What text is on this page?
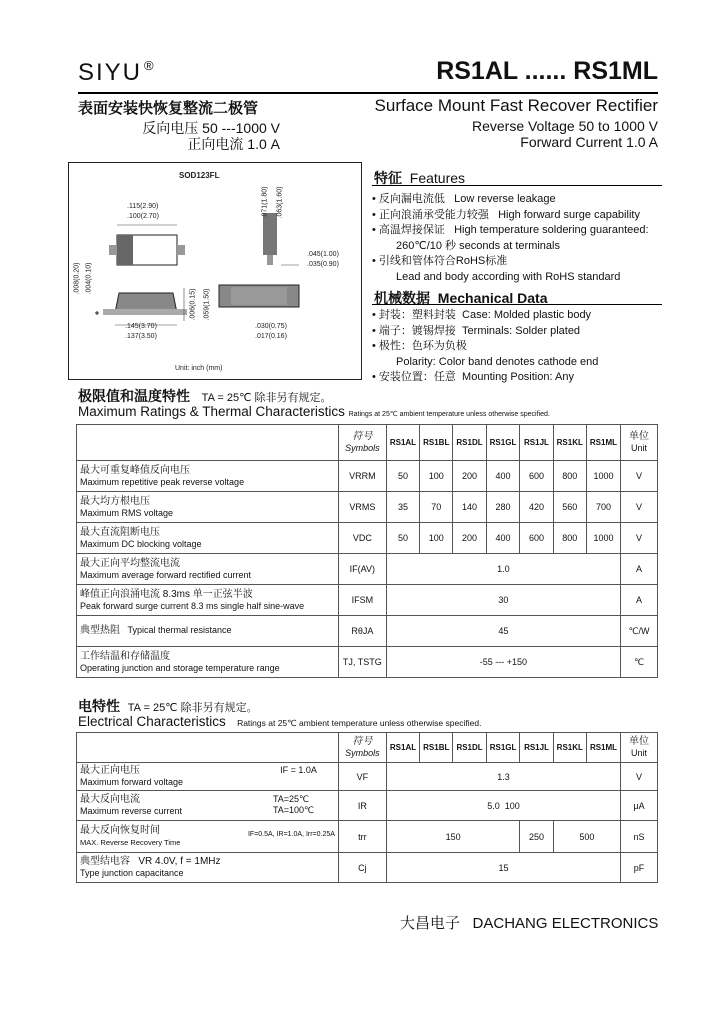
SIYU ®	RS1AL ...... RS1ML
表面安装快恢复整流二极管	Surface Mount Fast Recover Rectifier
反向电压 50 ---1000 V
正向电流 1.0 A
Reverse Voltage 50 to 1000 V
Forward Current 1.0 A
SOD123FL
.115(2.90)
.100(2.70)	.071(1.80) .063(1.60)
.045(1.00)
.035(0.90)
.008(0.20) .004(0.10)
.145(3.70)
.137(3.50)
.030(0.75)
.017(0.16)
.006(0.15) .059(1.50)
Unit: inch (mm)
特征 Features
• 反向漏电流低 Low reverse leakage
• 正向浪涌承受能力较强 High forward surge capability
• 高温焊接保证 High temperature soldering guaranteed:
260℃/10 秒 seconds at terminals
• 引线和管体符合RoHS标准
Lead and body according with RoHS standard
机械数据 Mechanical Data
• 封装：塑料封装 Case: Molded plastic body
• 端子：镀锡焊接 Terminals: Solder plated
• 极性：色环为负极
Polarity: Color band denotes cathode end
• 安装位置：任意 Mounting Position: Any
极限值和温度特性 TA = 25℃ 除非另有规定。
Maximum Ratings & Thermal Characteristics Ratings at 25℃ ambient temperature unless otherwise specified.

	符号
Symbols	RS1AL	RS1BL	RS1DL	RS1GL	RS1JL	RS1KL	RS1ML	单位
Unit

最大可重复峰值反向电压
Maximum repetitive peak reverse voltage	VRRM	50	100	200	400	600	800	1000	V

最大均方根电压
Maximum RMS voltage	VRMS	35	70	140	280	420	560	700	V

最大直流阻断电压
Maximum DC blocking voltage	VDC	50	100	200	400	600	800	1000	V

最大正向平均整流电流
Maximum average forward rectified current	IF(AV)	1.0							A

峰值正向浪涌电流 8.3ms 单一正弦半波
Peak forward surge current 8.3 ms single half sine-wave	IFSM	30							A
典型热阻 Typical thermal resistance	RθJA	45							℃/W

工作结温和存储温度
Operating junction and storage temperature range	TJ, TSTG	-55 --- +150							℃
电特性 TA = 25℃ 除非另有规定。
Electrical Characteristics Ratings at 25℃ ambient temperature unless otherwise specified.

	符号
Symbols	RS1AL	RS1BL	RS1DL	RS1GL	RS1JL	RS1KL	RS1ML	单位
Unit

IF = 1.0A
最大正向电压
Maximum forward voltage	VF	1.3							V

TA=25℃ TA=100℃
最大反向电流
Maximum reverse current	IR	5.0  100							μA

IF=0.5A, IR=1.0A, Irr=0.25A
最大反向恢复时间
MAX. Reverse Recovery Time	trr	150				250	500		nS

典型结电容 VR 4.0V, f = 1MHz
Type junction capacitance	Cj	15							pF
大昌电子 DACHANG ELECTRONICS
